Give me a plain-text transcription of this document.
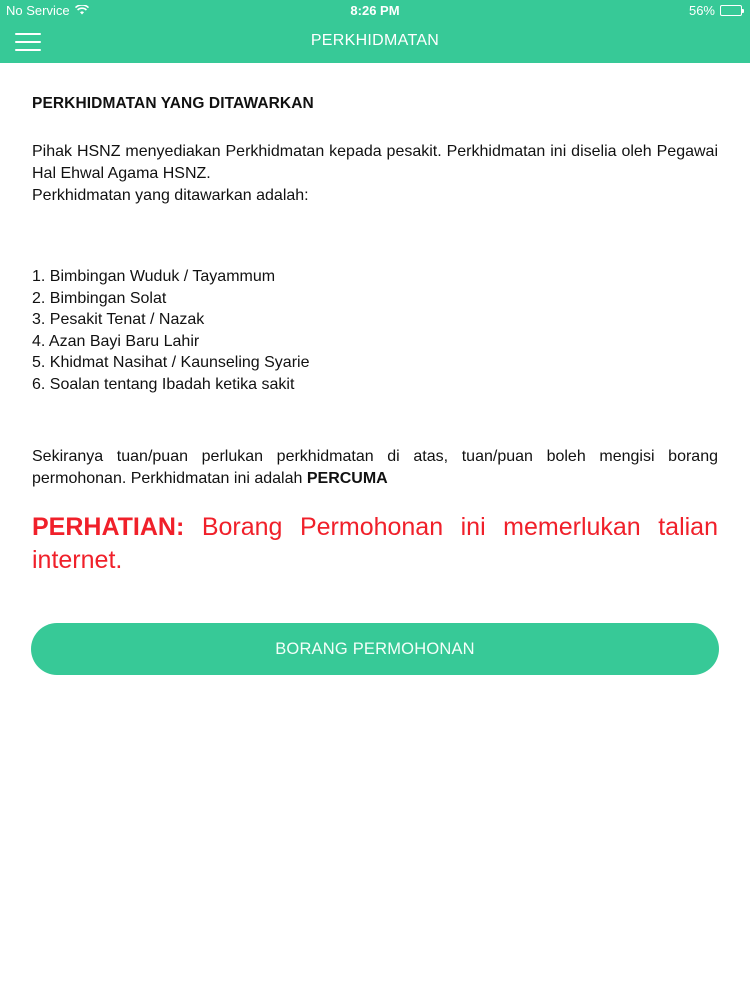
No Service	8:26 PM	56%
PERKHIDMATAN
PERKHIDMATAN YANG DITAWARKAN

Pihak HSNZ menyediakan Perkhidmatan kepada pesakit. Perkhidmatan ini diselia oleh Pegawai Hal Ehwal Agama HSNZ.

Perkhidmatan yang ditawarkan adalah:

1. Bimbingan Wuduk / Tayammum
2. Bimbingan Solat
3. Pesakit Tenat / Nazak
4. Azan Bayi Baru Lahir
5. Khidmat Nasihat / Kaunseling Syarie
6. Soalan tentang Ibadah ketika sakit

Sekiranya tuan/puan perlukan perkhidmatan di atas, tuan/puan boleh mengisi borang permohonan. Perkhidmatan ini adalah PERCUMA

PERHATIAN: Borang Permohonan ini memerlukan talian internet.

BORANG PERMOHONAN
